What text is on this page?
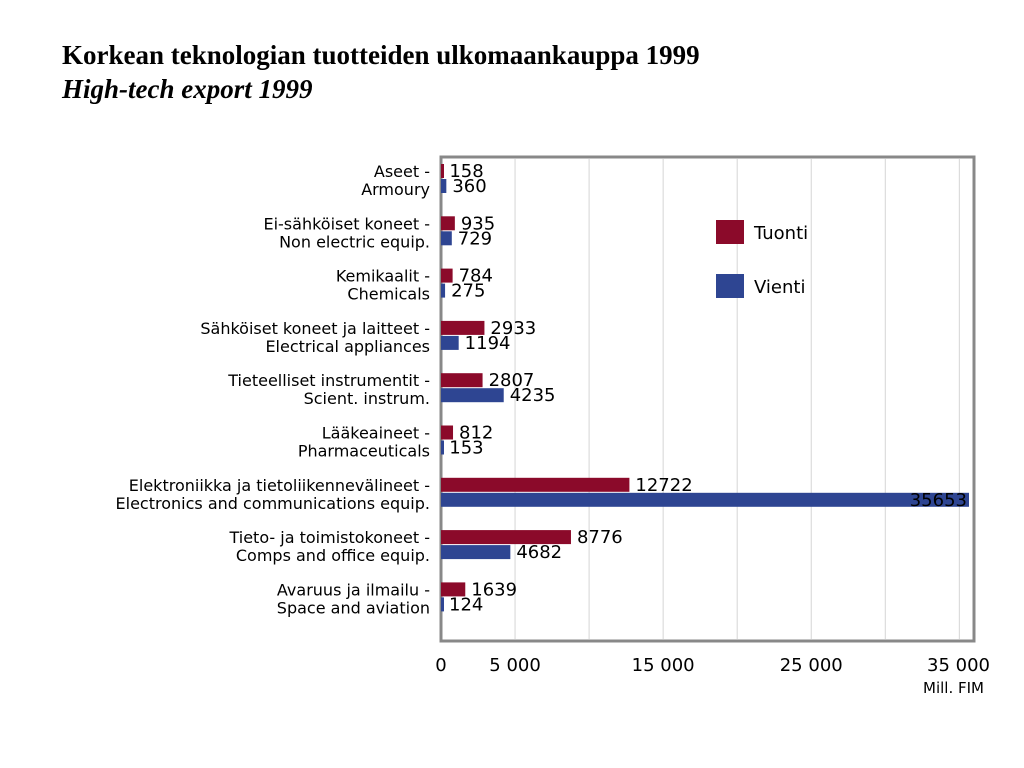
Korkean teknologian tuotteiden ulkomaankauppa 1999
High-tech export 1999
Aseet -
Armoury
Ei-sähköiset koneet -
Non electric equip.
Kemikaalit -
Chemicals
Sähköiset koneet ja laitteet -
Electrical appliances
Tieteelliset instrumentit -
Scient. instrum.
Lääkeaineet -
Pharmaceuticals
Elektroniikka ja tietoliikennevälineet -
Electronics and communications equip.
Tieto- ja toimistokoneet -
Comps and office equip.
Avaruus ja ilmailu -
Space and aviation
158
360
935
729
784
275
2933
1194
2807
4235
812
153
12722
35653
8776
4682
1639
124
0 5 000	15 000	25 000	35 000
Mill. FIM
Tuonti
Vienti
